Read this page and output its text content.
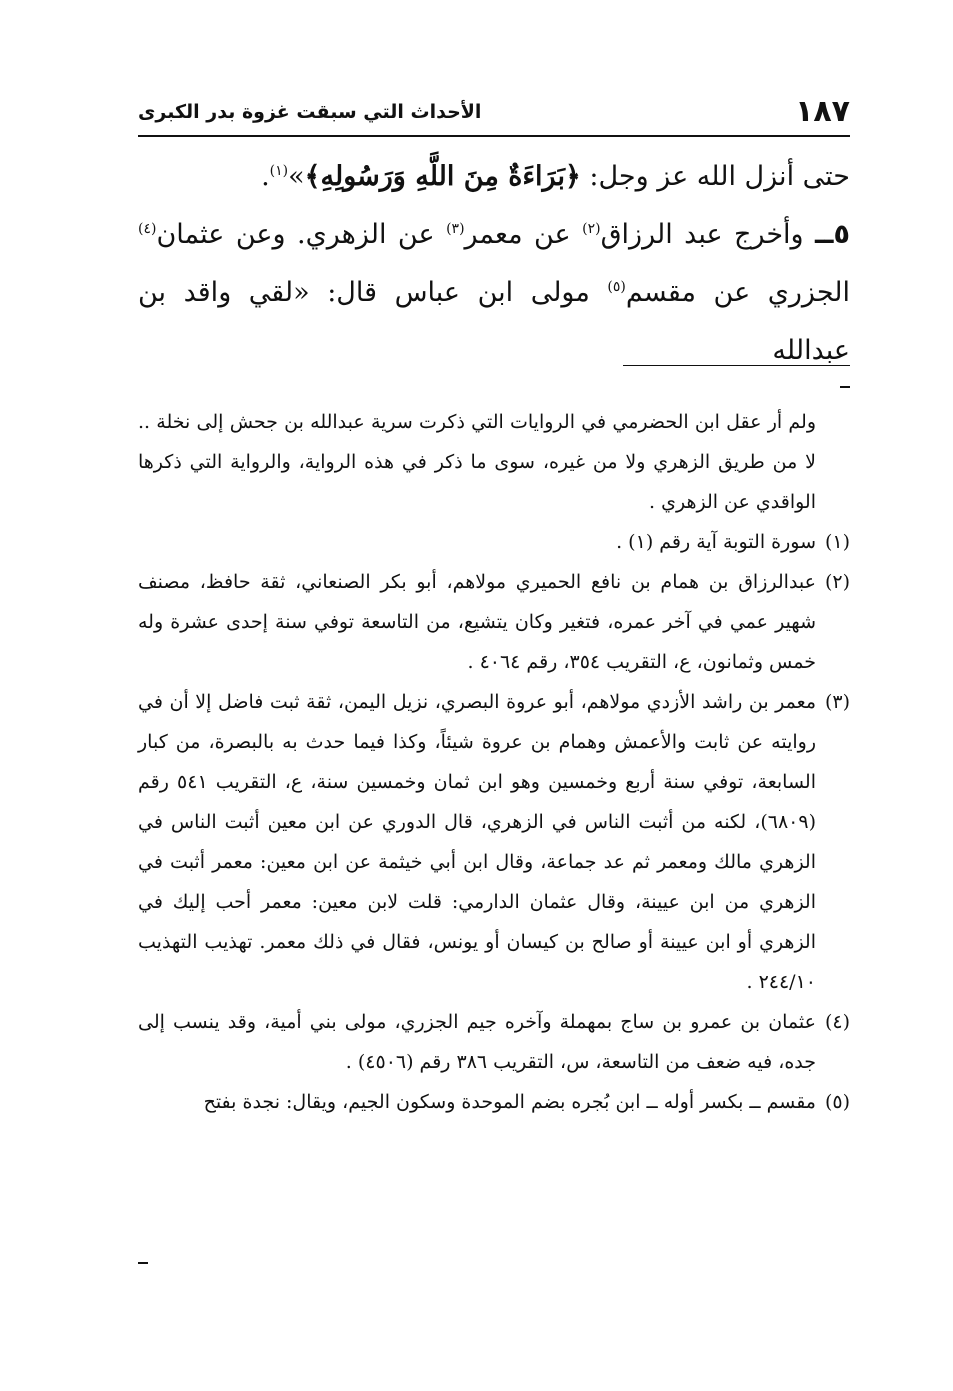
١٨٧
الأحداث التي سبقت غزوة بدر الكبرى

حتى أنزل الله عز وجل: ﴿بَرَاءَةٌ مِنَ اللَّهِ وَرَسُولِهِ﴾»$^{(١)}$.

٥ــ وأخرج عبد الرزاق$^{(٢)}$ عن معمر$^{(٣)}$ عن الزهري. وعن عثمان$^{(٤)}$ الجزري عن مقسم$^{(٥)}$ مولى ابن عباس قال: «لقي واقد بن عبدالله

ولم أر عقل ابن الحضرمي في الروايات التي ذكرت سرية عبدالله بن جحش إلى نخلة .. لا من طريق الزهري ولا من غيره، سوى ما ذكر في هذه الرواية، والرواية التي ذكرها الواقدي عن الزهري .

(١)
سورة التوبة آية رقم (١) .

(٢)
عبدالرزاق بن همام بن نافع الحميري مولاهم، أبو بكر الصنعاني، ثقة حافظ، مصنف شهير عمي في آخر عمره، فتغير وكان يتشيع، من التاسعة توفي سنة إحدى عشرة وله خمس وثمانون، ع، التقريب ٣٥٤، رقم ٤٠٦٤ .

(٣)
معمر بن راشد الأزدي مولاهم، أبو عروة البصري، نزيل اليمن، ثقة ثبت فاضل إلا أن في روايته عن ثابت والأعمش وهمام بن عروة شيئاً، وكذا فيما حدث به بالبصرة، من كبار السابعة، توفي سنة أربع وخمسين وهو ابن ثمان وخمسين سنة، ع، التقريب ٥٤١ رقم (٦٨٠٩)، لكنه من أثبت الناس في الزهري، قال الدوري عن ابن معين أثبت الناس في الزهري مالك ومعمر ثم عد جماعة، وقال ابن أبي خيثمة عن ابن معين: معمر أثبت في الزهري من ابن عيينة، وقال عثمان الدارمي: قلت لابن معين: معمر أحب إليك في الزهري أو ابن عيينة أو صالح بن كيسان أو يونس، فقال في ذلك معمر. تهذيب التهذيب ٢٤٤/١٠ .

(٤)
عثمان بن عمرو بن ساج بمهملة وآخره جيم الجزري، مولى بني أمية، وقد ينسب إلى جده، فيه ضعف من التاسعة، س، التقريب ٣٨٦ رقم (٤٥٠٦) .

(٥)
مقسم ــ بكسر أوله ــ ابن بُجره بضم الموحدة وسكون الجيم، ويقال: نجدة بفتح
